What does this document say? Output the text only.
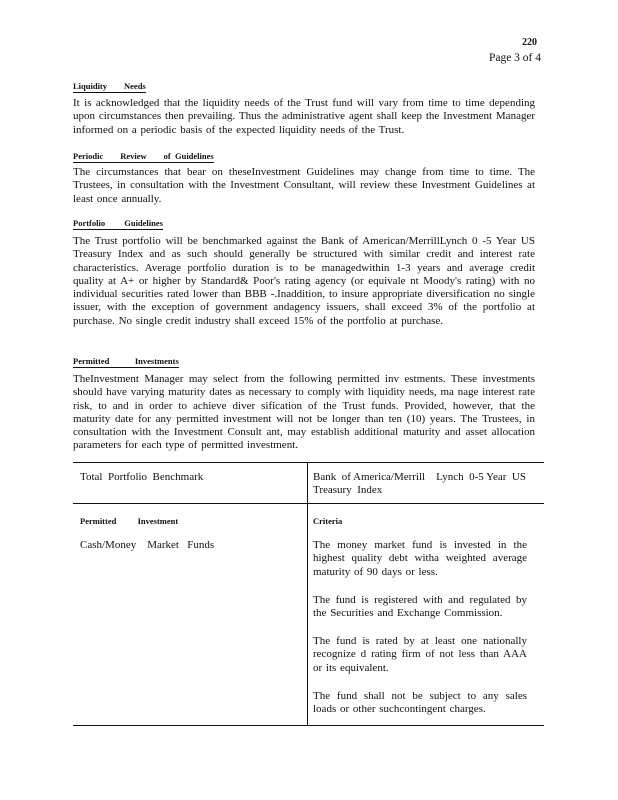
220
Page 3 of 4
Liquidity        Needs
It is acknowledged that the liquidity needs of the Trust fund will vary from time to time depending upon circumstances then prevailing. Thus the administrative agent shall keep the Investment Manager informed on a periodic basis of the expected liquidity needs of the Trust.
Periodic        Review        of  Guidelines
The circumstances that bear on theseInvestment Guidelines may change from time to time. The Trustees, in consultation with the Investment Consultant, will review these Investment Guidelines at least once annually.
Portfolio         Guidelines
The Trust portfolio will be benchmarked against the Bank of American/MerrillLynch 0 -5 Year US Treasury Index and as such should generally be structured with similar credit and interest rate characteristics. Average portfolio duration is to be managedwithin 1-3 years and average credit quality at A+ or higher by Standard& Poor's rating agency (or equivale nt Moody's rating) with no individual securities rated lower than BBB -.Inaddition, to insure appropriate diversification no single issuer, with the exception of government andagency issuers, shall exceed 3% of the portfolio at purchase. No single credit industry shall exceed 15% of the portfolio at purchase.
Permitted            Investments
TheInvestment Manager may select from the following permitted inv estments. These investments should have varying maturity dates as necessary to comply with liquidity needs, ma nage interest rate risk, to and in order to achieve diver sification of the Trust funds. Provided, however, that the maturity date for any permitted investment will not be longer than ten (10) years. The Trustees, in consultation with the Investment Consult ant, may establish additional maturity and asset allocation parameters for each type of permitted investment.
Total  Portfolio  Benchmark	Bank  of America/Merrill    Lynch  0-5 Year  US Treasury  Index
Permitted          Investment	Criteria
Cash/Money    Market   Funds	The money market fund is invested in the highest quality debt witha weighted average maturity of 90 days or less.
The fund is registered with and regulated by the Securities and Exchange Commission.
The fund is rated by at least one nationally recognize d rating firm of not less than AAA or its equivalent.
The fund shall not be subject to any sales loads or other suchcontingent charges.
